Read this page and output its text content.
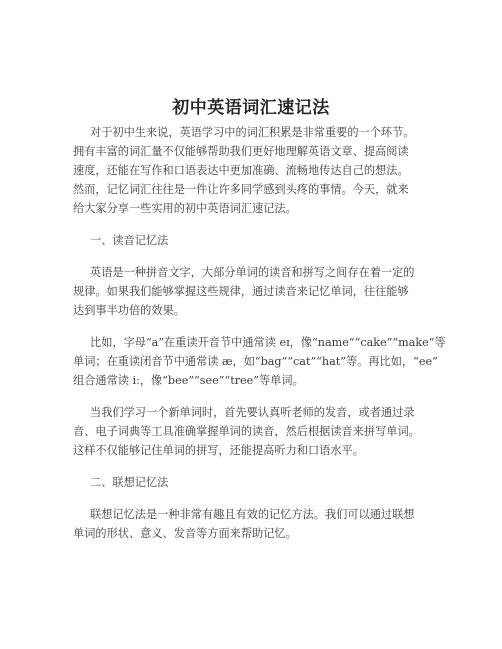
初中英语词汇速记法
对于初中生来说，英语学习中的词汇积累是非常重要的一个环节。
拥有丰富的词汇量不仅能够帮助我们更好地理解英语文章、提高阅读
速度，还能在写作和口语表达中更加准确、流畅地传达自己的想法。
然而，记忆词汇往往是一件让许多同学感到头疼的事情。今天，就来
给大家分享一些实用的初中英语词汇速记法。
一、读音记忆法
英语是一种拼音文字，大部分单词的读音和拼写之间存在着一定的
规律。如果我们能够掌握这些规律，通过读音来记忆单词，往往能够
达到事半功倍的效果。
比如，字母“a”在重读开音节中通常读 eɪ，像“name”“cake”“make”等
单词；在重读闭音节中通常读 æ，如“bag”“cat”“hat”等。再比如，“ee”
组合通常读 iː，像“bee”“see”“tree”等单词。
当我们学习一个新单词时，首先要认真听老师的发音，或者通过录
音、电子词典等工具准确掌握单词的读音，然后根据读音来拼写单词。
这样不仅能够记住单词的拼写，还能提高听力和口语水平。
二、联想记忆法
联想记忆法是一种非常有趣且有效的记忆方法。我们可以通过联想
单词的形状、意义、发音等方面来帮助记忆。
